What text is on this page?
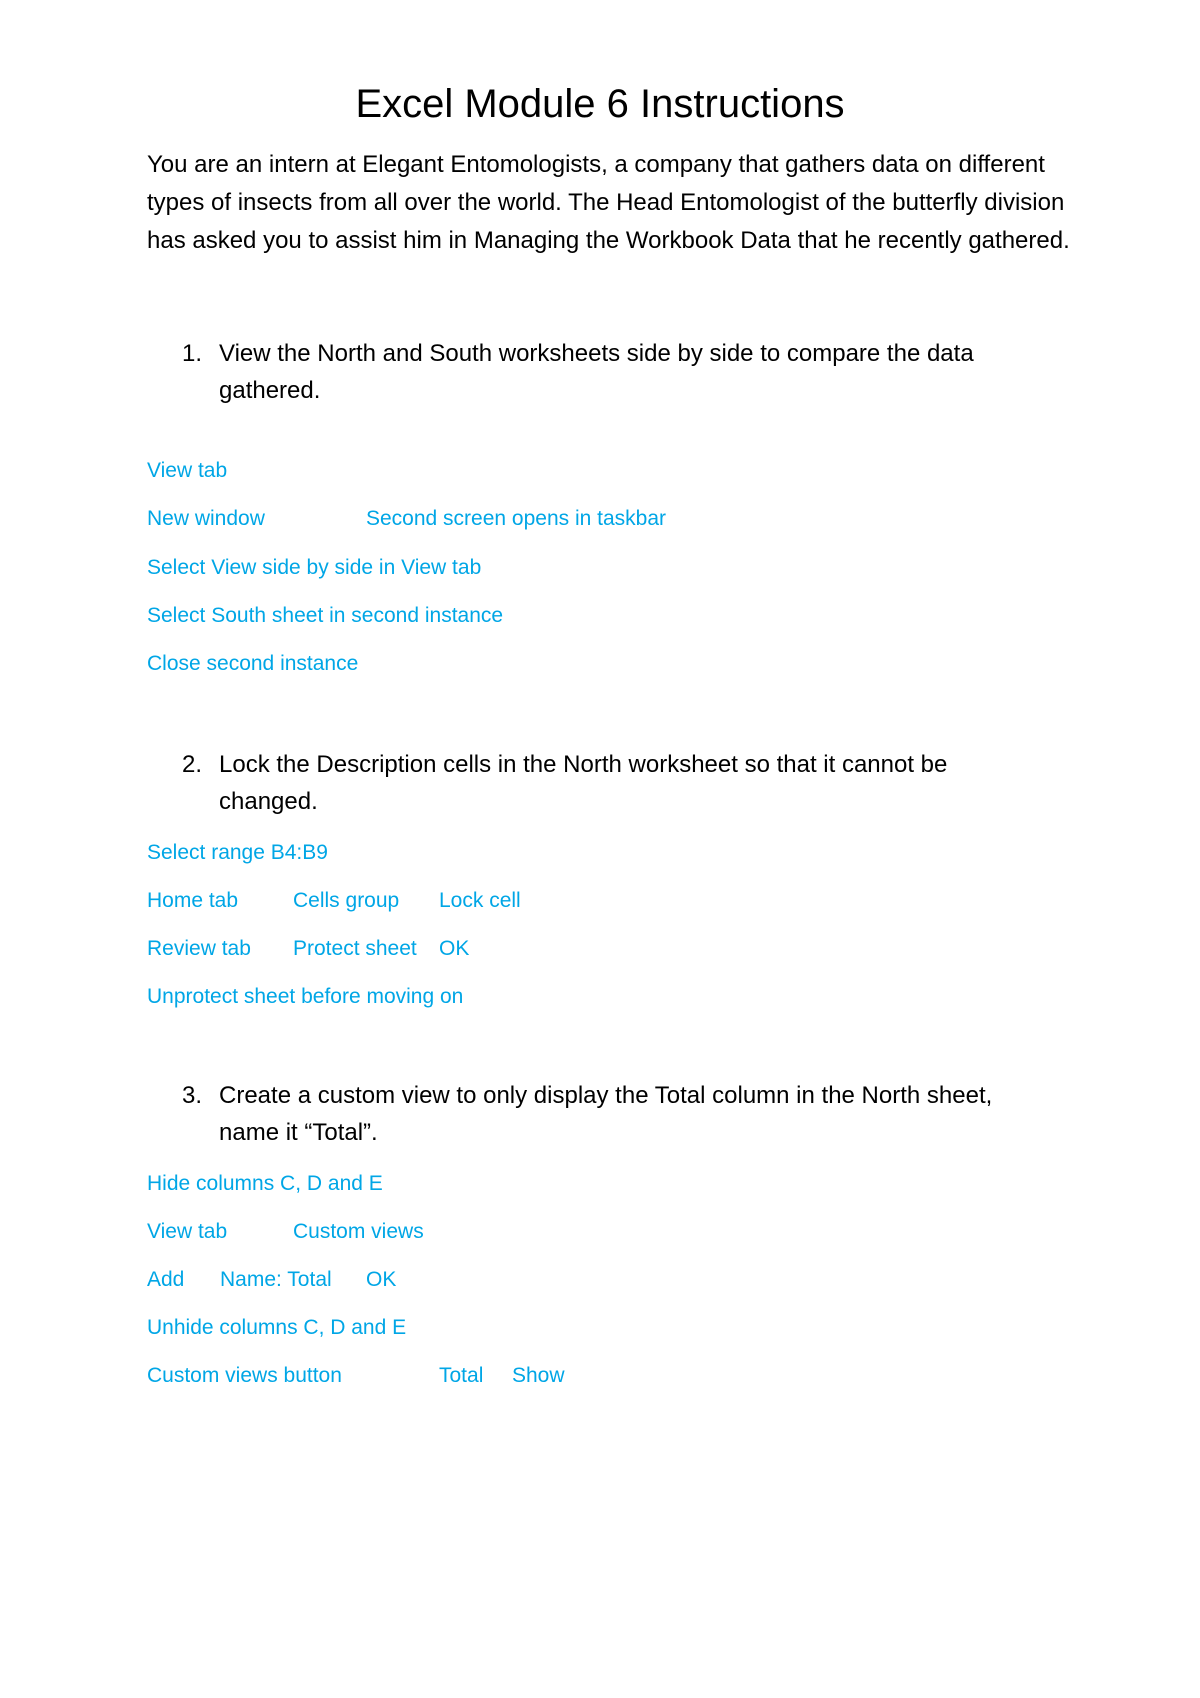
Excel Module 6 Instructions

You are an intern at Elegant Entomologists, a company that gathers data on different types of insects from all over the world. The Head Entomologist of the butterfly division has asked you to assist him in Managing the Workbook Data that he recently gathered.

1. View the North and South worksheets side by side to compare the data gathered.
View tab
New window	Second screen opens in taskbar
Select View side by side in View tab
Select South sheet in second instance
Close second instance
2. Lock the Description cells in the North worksheet so that it cannot be changed.
Select range B4:B9
Home tab	Cells group Lock cell
Review tab Protect sheet OK
Unprotect sheet before moving on
3. Create a custom view to only display the Total column in the North sheet, name it “Total”.
Hide columns C, D and E
View tab	Custom views
Add Name: Total OK
Unhide columns C, D and E
Custom views button	Total Show
